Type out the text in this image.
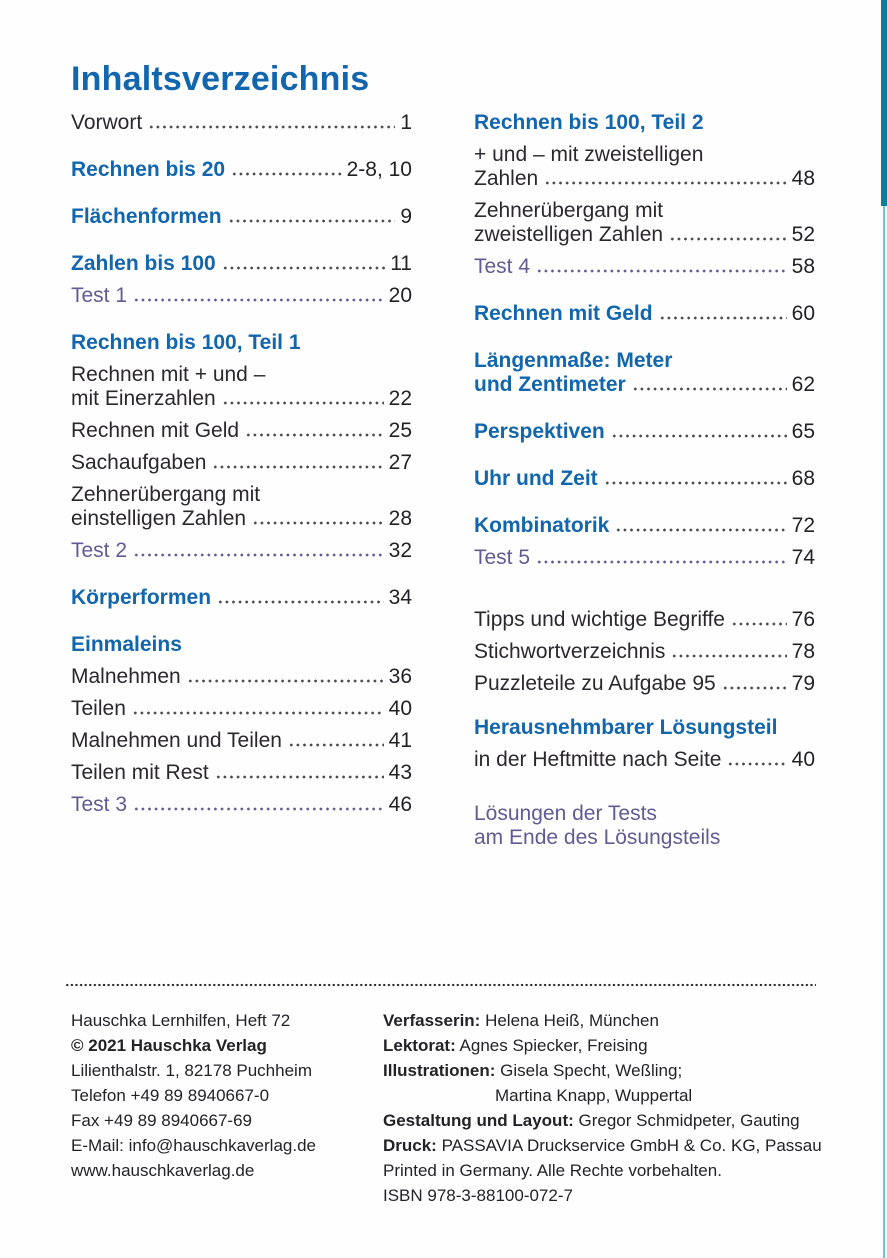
Inhaltsverzeichnis
Vorwort	1
Rechnen bis 20	2-8, 10
Flächenformen	9
Zahlen bis 100	11
Test 1	20
Rechnen bis 100, Teil 1
Rechnen mit + und –
mit Einerzahlen	22
Rechnen mit Geld	25
Sachaufgaben	27
Zehnerübergang mit
einstelligen Zahlen	28
Test 2	32
Körperformen	34
Einmaleins
Malnehmen	36
Teilen	40
Malnehmen und Teilen	41
Teilen mit Rest	43
Test 3	46
Rechnen bis 100, Teil 2
+ und – mit zweistelligen
Zahlen	48
Zehnerübergang mit
zweistelligen Zahlen	52
Test 4	58
Rechnen mit Geld	60
Längenmaße: Meter
und Zentimeter	62
Perspektiven	65
Uhr und Zeit	68
Kombinatorik	72
Test 5	74
Tipps und wichtige Begriffe	76
Stichwortverzeichnis	78
Puzzleteile zu Aufgabe 95	79
Herausnehmbarer Lösungsteil
in der Heftmitte nach Seite	40
Lösungen der Tests
am Ende des Lösungsteils
Hauschka Lernhilfen, Heft 72
© 2021 Hauschka Verlag
Lilienthalstr. 1, 82178 Puchheim
Telefon +49 89 8940667-0
Fax +49 89 8940667-69
E-Mail: info@hauschkaverlag.de
www.hauschkaverlag.de
Verfasserin: Helena Heiß, München
Lektorat: Agnes Spiecker, Freising
Illustrationen: Gisela Specht, Weßling;
Martina Knapp, Wuppertal
Gestaltung und Layout: Gregor Schmidpeter, Gauting
Druck: PASSAVIA Druckservice GmbH & Co. KG, Passau
Printed in Germany. Alle Rechte vorbehalten.
ISBN 978-3-88100-072-7
